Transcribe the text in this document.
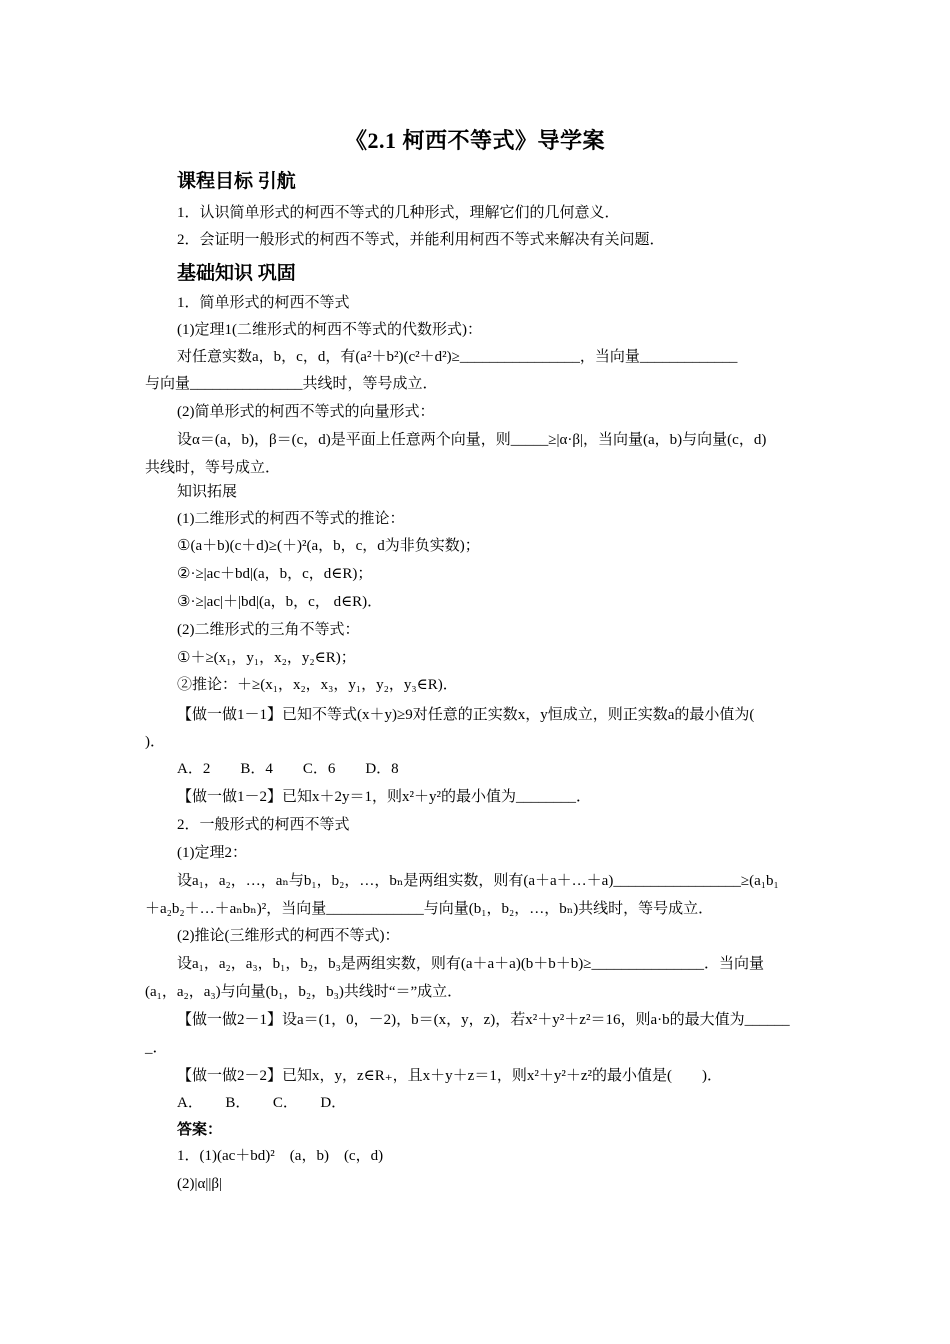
《2.1 柯西不等式》导学案
课程目标 引航
1．认识简单形式的柯西不等式的几种形式，理解它们的几何意义．
2．会证明一般形式的柯西不等式，并能利用柯西不等式来解决有关问题．
基础知识 巩固
1．简单形式的柯西不等式
(1)定理1(二维形式的柯西不等式的代数形式)：
对任意实数a，b，c，d，有(a²＋b²)(c²＋d²)≥________________，当向量_____________
与向量_______________共线时，等号成立．
(2)简单形式的柯西不等式的向量形式：
设α＝(a，b)，β＝(c，d)是平面上任意两个向量，则_____≥|α·β|，当向量(a，b)与向量(c，d)
共线时，等号成立．
知识拓展
(1)二维形式的柯西不等式的推论：
①(a＋b)(c＋d)≥(＋)²(a，b，c，d为非负实数)；
②·≥|ac＋bd|(a，b，c，d∈R)；
③·≥|ac|＋|bd|(a，b，c， d∈R)．
(2)二维形式的三角不等式：
①＋≥(x₁，y₁，x₂，y₂∈R)；
②推论：＋≥(x₁，x₂，x₃，y₁，y₂，y₃∈R)．
【做一做1－1】已知不等式(x＋y)≥9对任意的正实数x，y恒成立，则正实数a的最小值为(
)．
A．2　　B．4　　C．6　　D．8
【做一做1－2】已知x＋2y＝1，则x²＋y²的最小值为________．
2．一般形式的柯西不等式
(1)定理2：
设a₁，a₂，…，aₙ与b₁，b₂，…，bₙ是两组实数，则有(a＋a＋…＋a)_________________≥(a₁b₁
＋a₂b₂＋…＋aₙbₙ)²，当向量_____________与向量(b₁，b₂，…，bₙ)共线时，等号成立．
(2)推论(三维形式的柯西不等式)：
设a₁，a₂，a₃，b₁，b₂，b₃是两组实数，则有(a＋a＋a)(b＋b＋b)≥_______________．当向量
(a₁，a₂，a₃)与向量(b₁，b₂，b₃)共线时“＝”成立．
【做一做2－1】设a＝(1，0，－2)，b＝(x，y，z)，若x²＋y²＋z²＝16，则a·b的最大值为______
_．
【做一做2－2】已知x，y，z∈R₊，且x＋y＋z＝1，则x²＋y²＋z²的最小值是(　　)．
A．　　B．　　C．　　D．
答案：
1．(1)(ac＋bd)²　(a，b)　(c，d)
(2)|α||β|
